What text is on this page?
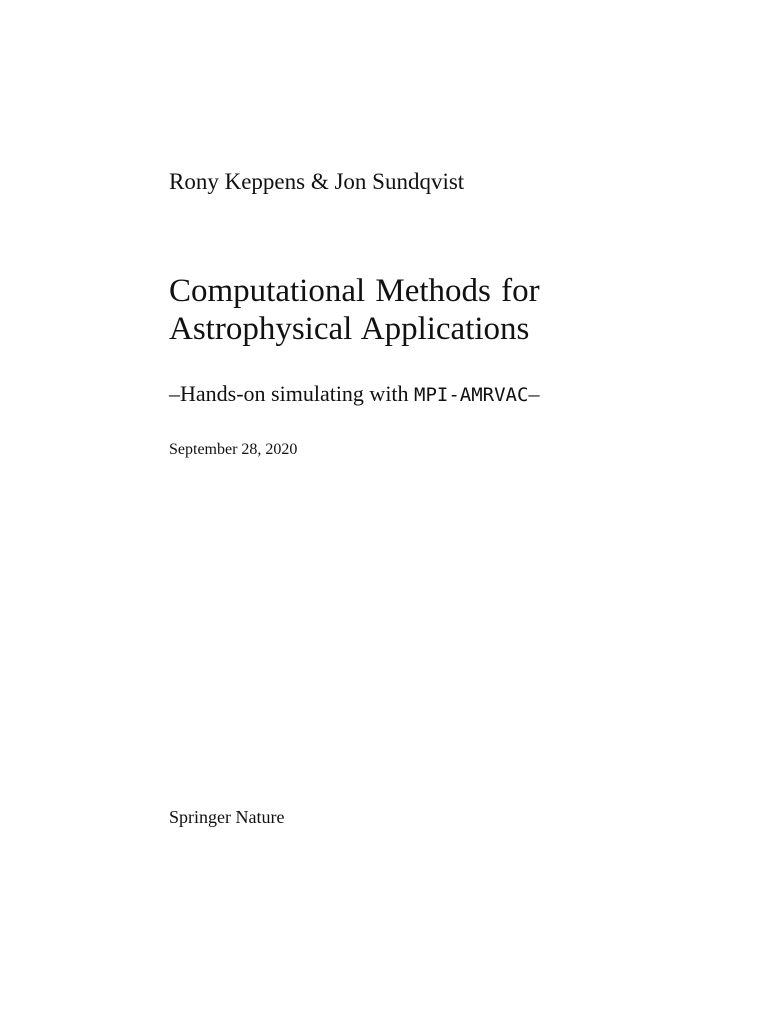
Rony Keppens & Jon Sundqvist
Computational Methods for
Astrophysical Applications
–Hands-on simulating with MPI-AMRVAC–
September 28, 2020
Springer Nature
